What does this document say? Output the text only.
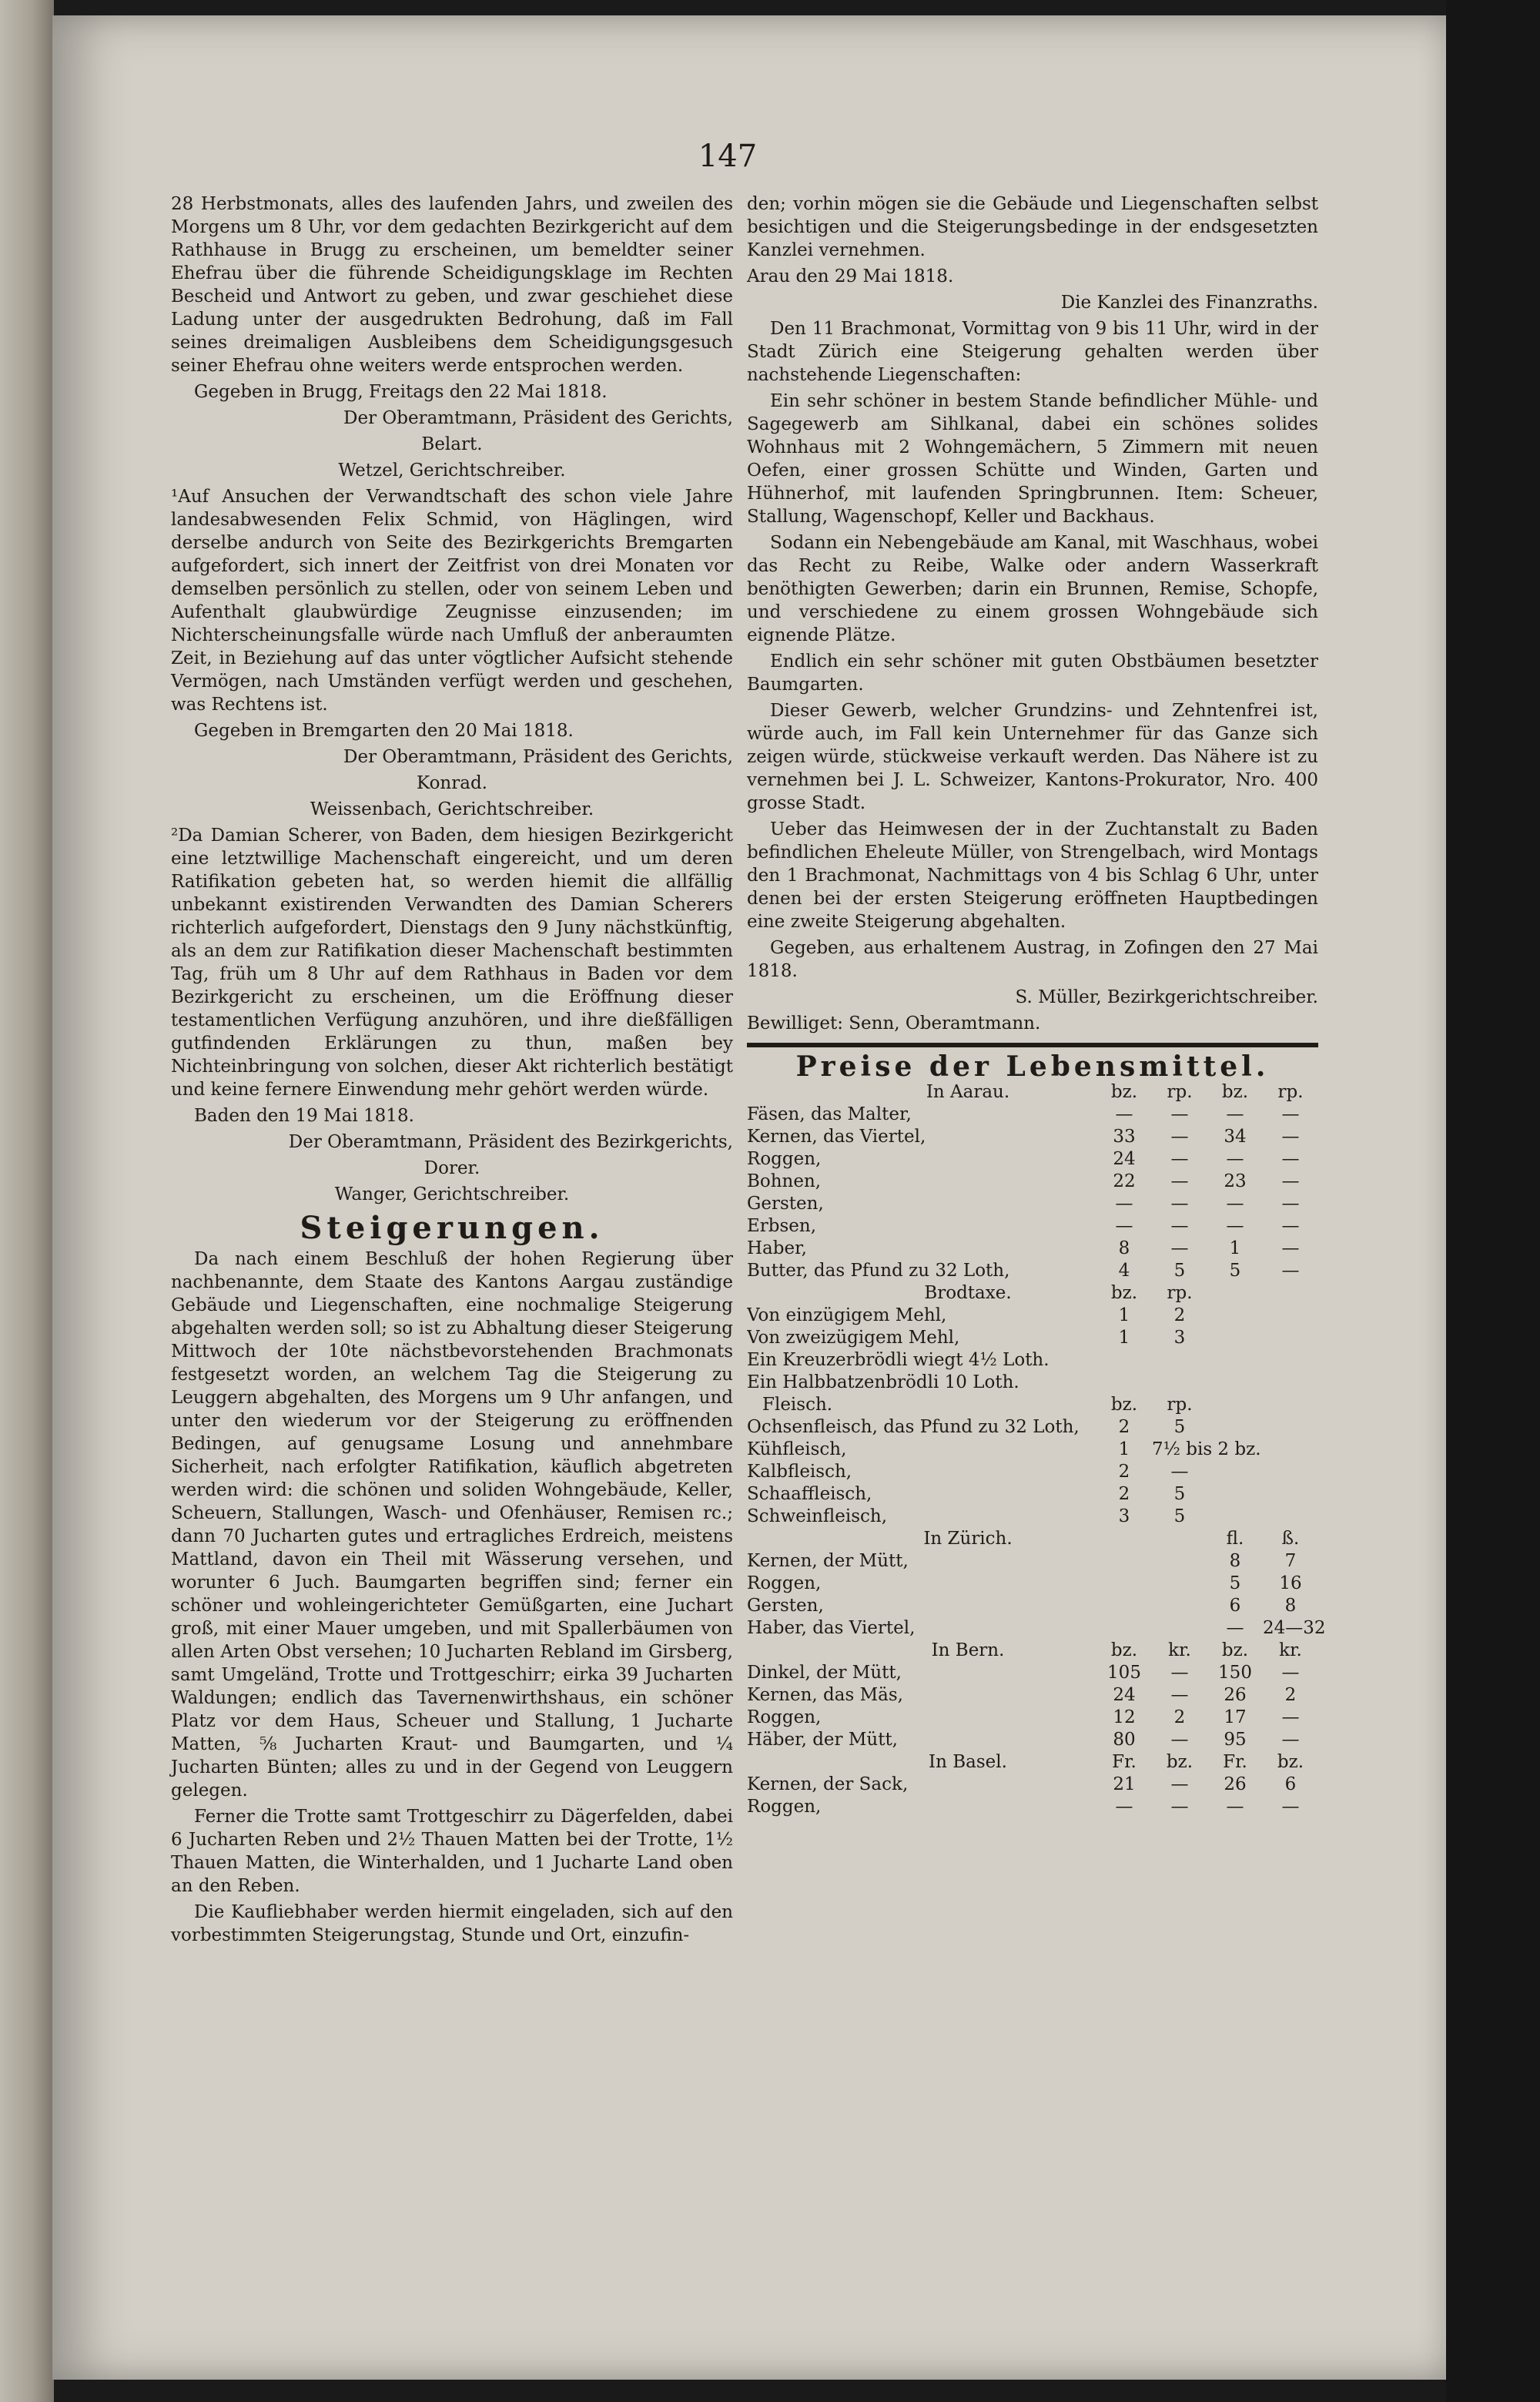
147

28 Herbstmonats, alles des laufenden Jahrs, und zweilen des Morgens um 8 Uhr, vor dem gedachten Bezirkgericht auf dem Rathhause in Brugg zu erscheinen, um bemeldter seiner Ehefrau über die führende Scheidigungsklage im Rechten Bescheid und Antwort zu geben, und zwar geschiehet diese Ladung unter der ausgedrukten Bedrohung, daß im Fall seines dreimaligen Ausbleibens dem Scheidigungsgesuch seiner Ehefrau ohne weiters werde entsprochen werden.

Gegeben in Brugg, Freitags den 22 Mai 1818.

Der Oberamtmann, Präsident des Gerichts,

Belart.

Wetzel, Gerichtschreiber.

¹Auf Ansuchen der Verwandtschaft des schon viele Jahre landesabwesenden Felix Schmid, von Häglingen, wird derselbe andurch von Seite des Bezirkgerichts Bremgarten aufgefordert, sich innert der Zeitfrist von drei Monaten vor demselben persönlich zu stellen, oder von seinem Leben und Aufenthalt glaubwürdige Zeugnisse einzusenden; im Nichterscheinungsfalle würde nach Umfluß der anberaumten Zeit, in Beziehung auf das unter vögtlicher Aufsicht stehende Vermögen, nach Umständen verfügt werden und geschehen, was Rechtens ist.

Gegeben in Bremgarten den 20 Mai 1818.

Der Oberamtmann, Präsident des Gerichts,

Konrad.

Weissenbach, Gerichtschreiber.

²Da Damian Scherer, von Baden, dem hiesigen Bezirkgericht eine letztwillige Machenschaft eingereicht, und um deren Ratifikation gebeten hat, so werden hiemit die allfällig unbekannt existirenden Verwandten des Damian Scherers richterlich aufgefordert, Dienstags den 9 Juny nächstkünftig, als an dem zur Ratifikation dieser Machenschaft bestimmten Tag, früh um 8 Uhr auf dem Rathhaus in Baden vor dem Bezirkgericht zu erscheinen, um die Eröffnung dieser testamentlichen Verfügung anzuhören, und ihre dießfälligen gutfindenden Erklärungen zu thun, maßen bey Nichteinbringung von solchen, dieser Akt richterlich bestätigt und keine fernere Einwendung mehr gehört werden würde.

Baden den 19 Mai 1818.

Der Oberamtmann, Präsident des Bezirkgerichts,

Dorer.

Wanger, Gerichtschreiber.

Steigerungen.

Da nach einem Beschluß der hohen Regierung über nachbenannte, dem Staate des Kantons Aargau zuständige Gebäude und Liegenschaften, eine nochmalige Steigerung abgehalten werden soll; so ist zu Abhaltung dieser Steigerung Mittwoch der 10te nächstbevorstehenden Brachmonats festgesetzt worden, an welchem Tag die Steigerung zu Leuggern abgehalten, des Morgens um 9 Uhr anfangen, und unter den wiederum vor der Steigerung zu eröffnenden Bedingen, auf genugsame Losung und annehmbare Sicherheit, nach erfolgter Ratifikation, käuflich abgetreten werden wird: die schönen und soliden Wohngebäude, Keller, Scheuern, Stallungen, Wasch- und Ofenhäuser, Remisen rc.; dann 70 Jucharten gutes und ertragliches Erdreich, meistens Mattland, davon ein Theil mit Wässerung versehen, und worunter 6 Juch. Baumgarten begriffen sind; ferner ein schöner und wohleingerichteter Gemüßgarten, eine Juchart groß, mit einer Mauer umgeben, und mit Spallerbäumen von allen Arten Obst versehen; 10 Jucharten Rebland im Girsberg, samt Umgeländ, Trotte und Trottgeschirr; eirka 39 Jucharten Waldungen; endlich das Tavernenwirthshaus, ein schöner Platz vor dem Haus, Scheuer und Stallung, 1 Jucharte Matten, ⅝ Jucharten Kraut- und Baumgarten, und ¼ Jucharten Bünten; alles zu und in der Gegend von Leuggern gelegen.

Ferner die Trotte samt Trottgeschirr zu Dägerfelden, dabei 6 Jucharten Reben und 2½ Thauen Matten bei der Trotte, 1½ Thauen Matten, die Winterhalden, und 1 Jucharte Land oben an den Reben.

Die Kaufliebhaber werden hiermit eingeladen, sich auf den vorbestimmten Steigerungstag, Stunde und Ort, einzufin-

den; vorhin mögen sie die Gebäude und Liegenschaften selbst besichtigen und die Steigerungsbedinge in der endsgesetzten Kanzlei vernehmen.

Arau den 29 Mai 1818.

Die Kanzlei des Finanzraths.

Den 11 Brachmonat, Vormittag von 9 bis 11 Uhr, wird in der Stadt Zürich eine Steigerung gehalten werden über nachstehende Liegenschaften:

Ein sehr schöner in bestem Stande befindlicher Mühle- und Sagegewerb am Sihlkanal, dabei ein schönes solides Wohnhaus mit 2 Wohngemächern, 5 Zimmern mit neuen Oefen, einer grossen Schütte und Winden, Garten und Hühnerhof, mit laufenden Springbrunnen. Item: Scheuer, Stallung, Wagenschopf, Keller und Backhaus.

Sodann ein Nebengebäude am Kanal, mit Waschhaus, wobei das Recht zu Reibe, Walke oder andern Wasserkraft benöthigten Gewerben; darin ein Brunnen, Remise, Schopfe, und verschiedene zu einem grossen Wohngebäude sich eignende Plätze.

Endlich ein sehr schöner mit guten Obstbäumen besetzter Baumgarten.

Dieser Gewerb, welcher Grundzins- und Zehntenfrei ist, würde auch, im Fall kein Unternehmer für das Ganze sich zeigen würde, stückweise verkauft werden. Das Nähere ist zu vernehmen bei J. L. Schweizer, Kantons-Prokurator, Nro. 400 grosse Stadt.

Ueber das Heimwesen der in der Zuchtanstalt zu Baden befindlichen Eheleute Müller, von Strengelbach, wird Montags den 1 Brachmonat, Nachmittags von 4 bis Schlag 6 Uhr, unter denen bei der ersten Steigerung eröffneten Hauptbedingen eine zweite Steigerung abgehalten.

Gegeben, aus erhaltenem Austrag, in Zofingen den 27 Mai 1818.

S. Müller, Bezirkgerichtschreiber.

Bewilliget: Senn, Oberamtmann.

Preise der Lebensmittel.
In Aarau.	bz.	rp.	bz.	rp.
Fäsen, das Malter,	—	—	—	—
Kernen, das Viertel,	33	—	34	—
Roggen,	24	—	—	—
Bohnen,	22	—	23	—
Gersten,	—	—	—	—
Erbsen,	—	—	—	—
Haber,	8	—	1	—
Butter, das Pfund zu 32 Loth,	4	5	5	—
Brodtaxe.	bz.	rp.
Von einzügigem Mehl,	1	2
Von zweizügigem Mehl,	1	3
Ein Kreuzerbrödli wiegt 4½ Loth.
Ein Halbbatzenbrödli 10 Loth.
Fleisch.	bz.	rp.
Ochsenfleisch, das Pfund zu 32 Loth,	2	5
Kühfleisch,	1	7½ bis 2 bz.
Kalbfleisch,	2	—
Schaaffleisch,	2	5
Schweinfleisch,	3	5
In Zürich.	fl.	ß.
Kernen, der Mütt,	8	7
Roggen,	5	16
Gersten,	6	8
Haber, das Viertel,	—	24—32
In Bern.	bz.	kr.	bz.	kr.
Dinkel, der Mütt,	105	—	150	—
Kernen, das Mäs,	24	—	26	2
Roggen,	12	2	17	—
Häber, der Mütt,	80	—	95	—
In Basel.	Fr.	bz.	Fr.	bz.
Kernen, der Sack,	21	—	26	6
Roggen,	—	—	—	—
